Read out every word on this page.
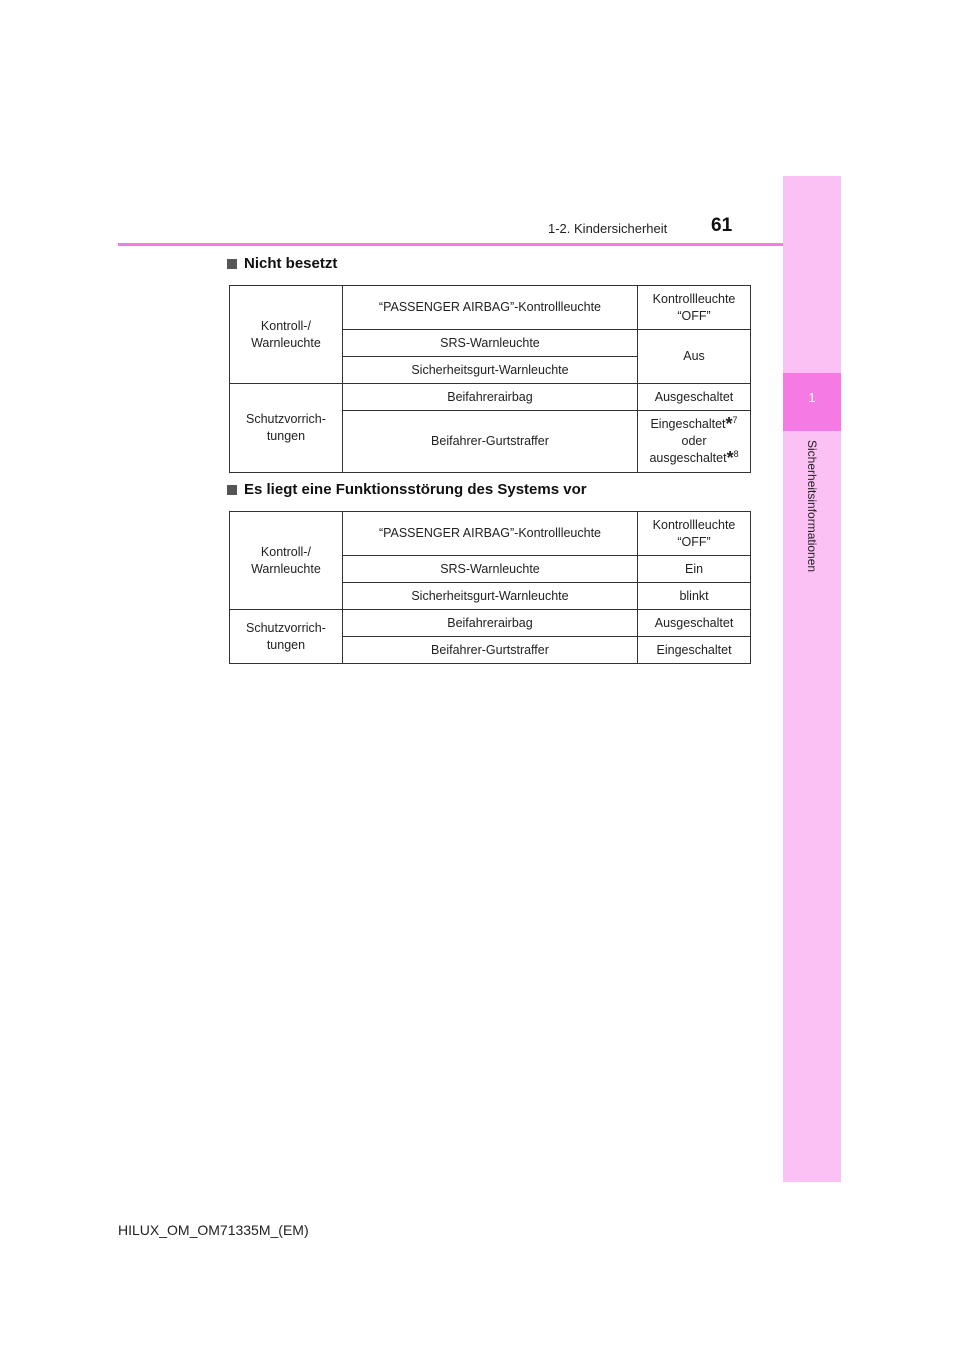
1
Sicherheitsinformationen
1-2. Kindersicherheit 61
Nicht besetzt
Kontroll-/
Warnleuchte	“PASSENGER AIRBAG”-Kontrollleuchte	Kontrollleuchte “OFF”
	SRS-Warnleuchte	Aus
	Sicherheitsgurt-Warnleuchte	
Schutzvorrich-
tungen	Beifahrerairbag	Ausgeschaltet
	Beifahrer-Gurtstraffer	Eingeschaltet*$^7$
oder
ausgeschaltet*$^8$
Es liegt eine Funktionsstörung des Systems vor
Kontroll-/
Warnleuchte	“PASSENGER AIRBAG”-Kontrollleuchte	Kontrollleuchte “OFF”
	SRS-Warnleuchte	Ein
	Sicherheitsgurt-Warnleuchte	blinkt
Schutzvorrich-
tungen	Beifahrerairbag	Ausgeschaltet
	Beifahrer-Gurtstraffer	Eingeschaltet
HILUX_OM_OM71335M_(EM)
